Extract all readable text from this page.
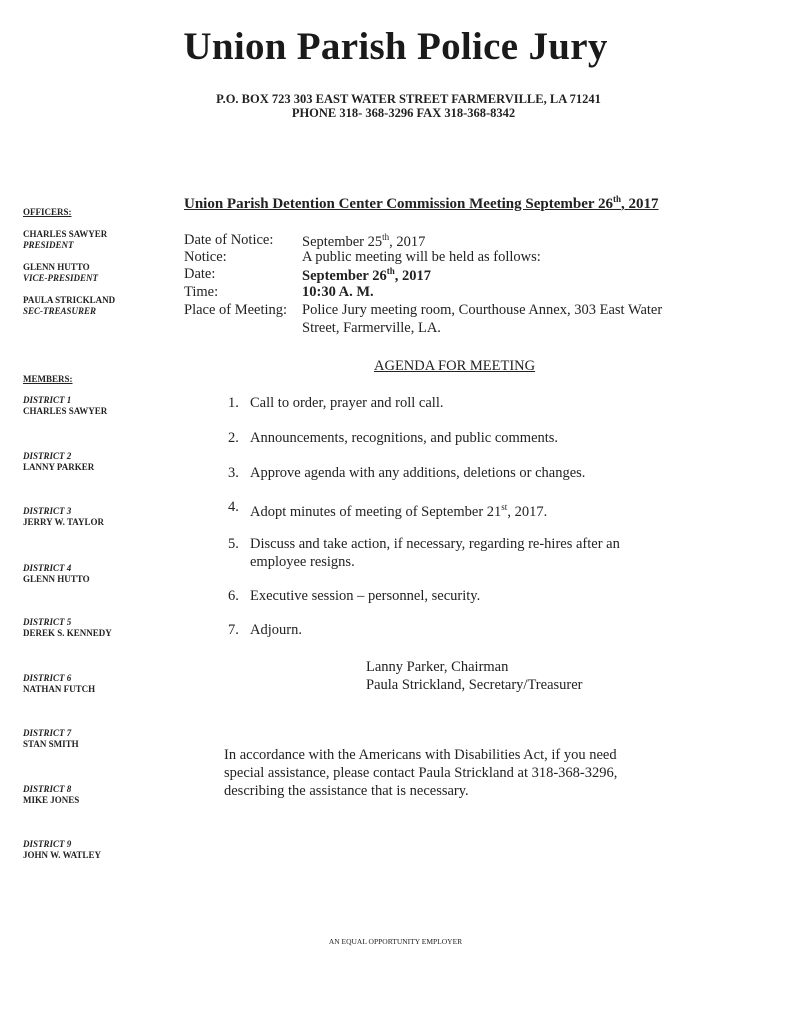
Union Parish Police Jury
P.O. BOX 723 303 EAST WATER STREET FARMERVILLE, LA 71241
PHONE 318- 368-3296 FAX 318-368-8342
Union Parish Detention Center Commission Meeting September 26th, 2017
OFFICERS:
CHARLES SAWYER
PRESIDENT
GLENN HUTTO
VICE-PRESIDENT
PAULA STRICKLAND
SEC-TREASURER
MEMBERS:
DISTRICT 1
CHARLES SAWYER
DISTRICT 2
LANNY PARKER
DISTRICT 3
JERRY W. TAYLOR
DISTRICT 4
GLENN HUTTO
DISTRICT 5
DEREK S. KENNEDY
DISTRICT 6
NATHAN FUTCH
DISTRICT 7
STAN SMITH
DISTRICT 8
MIKE JONES
DISTRICT 9
JOHN W. WATLEY
Date of Notice: September 25th, 2017
Notice:	A public meeting will be held as follows:
Date:	September 26th, 2017
Time:	10:30 A. M.
Place of Meeting: Police Jury meeting room, Courthouse Annex, 303 East Water
Street, Farmerville, LA.
AGENDA FOR MEETING
1. Call to order, prayer and roll call.
2. Announcements, recognitions, and public comments.
3. Approve agenda with any additions, deletions or changes.
4. Adopt minutes of meeting of September 21st, 2017.
5. Discuss and take action, if necessary, regarding re-hires after an employee resigns.
6. Executive session – personnel, security.
7. Adjourn.
Lanny Parker, Chairman
Paula Strickland, Secretary/Treasurer
In accordance with the Americans with Disabilities Act, if you need special assistance, please contact Paula Strickland at 318-368-3296, describing the assistance that is necessary.
AN EQUAL OPPORTUNITY EMPLOYER
